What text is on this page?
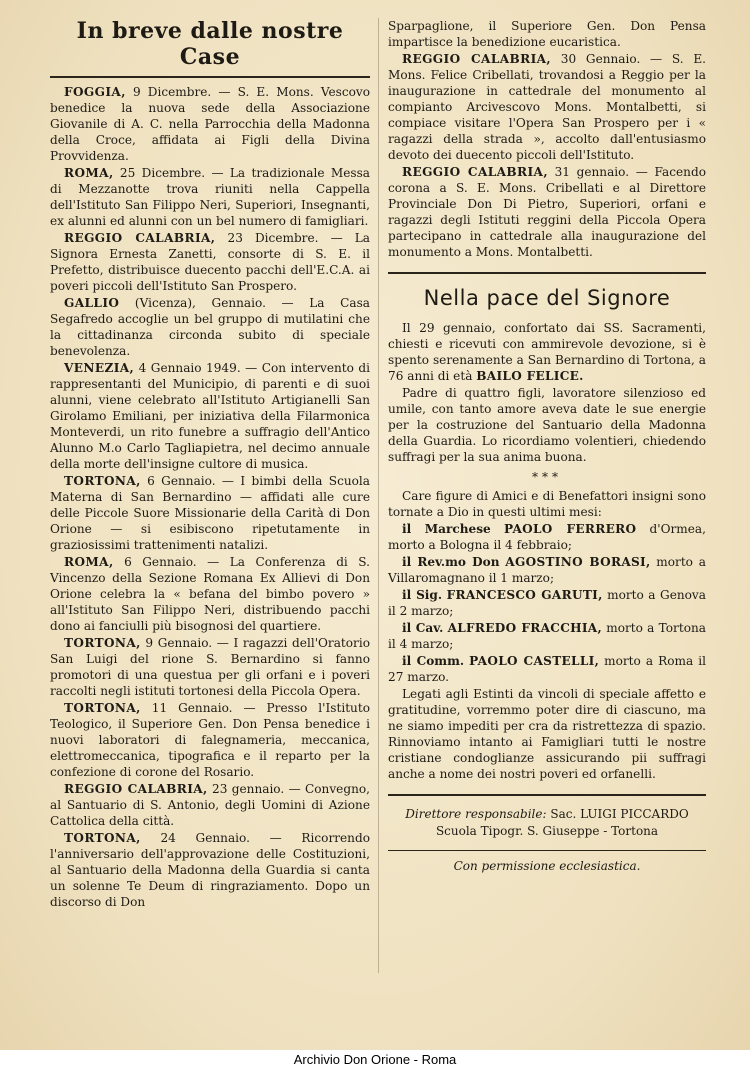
In breve dalle nostre Case

FOGGIA, 9 Dicembre. — S. E. Mons. Vescovo benedice la nuova sede della Associazione Giovanile di A. C. nella Parrocchia della Madonna della Croce, affidata ai Figli della Divina Provvidenza.

ROMA, 25 Dicembre. — La tradizionale Messa di Mezzanotte trova riuniti nella Cappella dell'Istituto San Filippo Neri, Superiori, Insegnanti, ex alunni ed alunni con un bel numero di famigliari.

REGGIO CALABRIA, 23 Dicembre. — La Signora Ernesta Zanetti, consorte di S. E. il Prefetto, distribuisce duecento pacchi dell'E.C.A. ai poveri piccoli dell'Istituto San Prospero.

GALLIO (Vicenza), Gennaio. — La Casa Segafredo accoglie un bel gruppo di mutilatini che la cittadinanza circonda subito di speciale benevolenza.

VENEZIA, 4 Gennaio 1949. — Con intervento di rappresentanti del Municipio, di parenti e di suoi alunni, viene celebrato all'Istituto Artigianelli San Girolamo Emiliani, per iniziativa della Filarmonica Monteverdi, un rito funebre a suffragio dell'Antico Alunno M.o Carlo Tagliapietra, nel decimo annuale della morte dell'insigne cultore di musica.

TORTONA, 6 Gennaio. — I bimbi della Scuola Materna di San Bernardino — affidati alle cure delle Piccole Suore Missionarie della Carità di Don Orione — si esibiscono ripetutamente in graziosissimi trattenimenti natalizi.

ROMA, 6 Gennaio. — La Conferenza di S. Vincenzo della Sezione Romana Ex Allievi di Don Orione celebra la « befana del bimbo povero » all'Istituto San Filippo Neri, distribuendo pacchi dono ai fanciulli più bisognosi del quartiere.

TORTONA, 9 Gennaio. — I ragazzi dell'Oratorio San Luigi del rione S. Bernardino si fanno promotori di una questua per gli orfani e i poveri raccolti negli istituti tortonesi della Piccola Opera.

TORTONA, 11 Gennaio. — Presso l'Istituto Teologico, il Superiore Gen. Don Pensa benedice i nuovi laboratori di falegnameria, meccanica, elettromeccanica, tipografica e il reparto per la confezione di corone del Rosario.

REGGIO CALABRIA, 23 gennaio. — Convegno, al Santuario di S. Antonio, degli Uomini di Azione Cattolica della città.

TORTONA, 24 Gennaio. — Ricorrendo l'anniversario dell'approvazione delle Costituzioni, al Santuario della Madonna della Guardia si canta un solenne Te Deum di ringraziamento. Dopo un discorso di Don

Sparpaglione, il Superiore Gen. Don Pensa impartisce la benedizione eucaristica.

REGGIO CALABRIA, 30 Gennaio. — S. E. Mons. Felice Cribellati, trovandosi a Reggio per la inaugurazione in cattedrale del monumento al compianto Arcivescovo Mons. Montalbetti, si compiace visitare l'Opera San Prospero per i « ragazzi della strada », accolto dall'entusiasmo devoto dei duecento piccoli dell'Istituto.

REGGIO CALABRIA, 31 gennaio. — Facendo corona a S. E. Mons. Cribellati e al Direttore Provinciale Don Di Pietro, Superiori, orfani e ragazzi degli Istituti reggini della Piccola Opera partecipano in cattedrale alla inaugurazione del monumento a Mons. Montalbetti.

Nella pace del Signore

Il 29 gennaio, confortato dai SS. Sacramenti, chiesti e ricevuti con ammirevole devozione, si è spento serenamente a San Bernardino di Tortona, a 76 anni di età BAILO FELICE.

Padre di quattro figli, lavoratore silenzioso ed umile, con tanto amore aveva date le sue energie per la costruzione del Santuario della Madonna della Guardia. Lo ricordiamo volentieri, chiedendo suffragi per la sua anima buona.

***

Care figure di Amici e di Benefattori insigni sono tornate a Dio in questi ultimi mesi:

il Marchese PAOLO FERRERO d'Ormea, morto a Bologna il 4 febbraio;

il Rev.mo Don AGOSTINO BORASI, morto a Villaromagnano il 1 marzo;

il Sig. FRANCESCO GARUTI, morto a Genova il 2 marzo;

il Cav. ALFREDO FRACCHIA, morto a Tortona il 4 marzo;

il Comm. PAOLO CASTELLI, morto a Roma il 27 marzo.

Legati agli Estinti da vincoli di speciale affetto e gratitudine, vorremmo poter dire di ciascuno, ma ne siamo impediti per cra da ristrettezza di spazio. Rinnoviamo intanto ai Famigliari tutti le nostre cristiane condoglianze assicurando pii suffragi anche a nome dei nostri poveri ed orfanelli.

Direttore responsabile: Sac. LUIGI PICCARDO
Scuola Tipogr. S. Giuseppe - Tortona
Con permissione ecclesiastica.
Archivio Don Orione - Roma
